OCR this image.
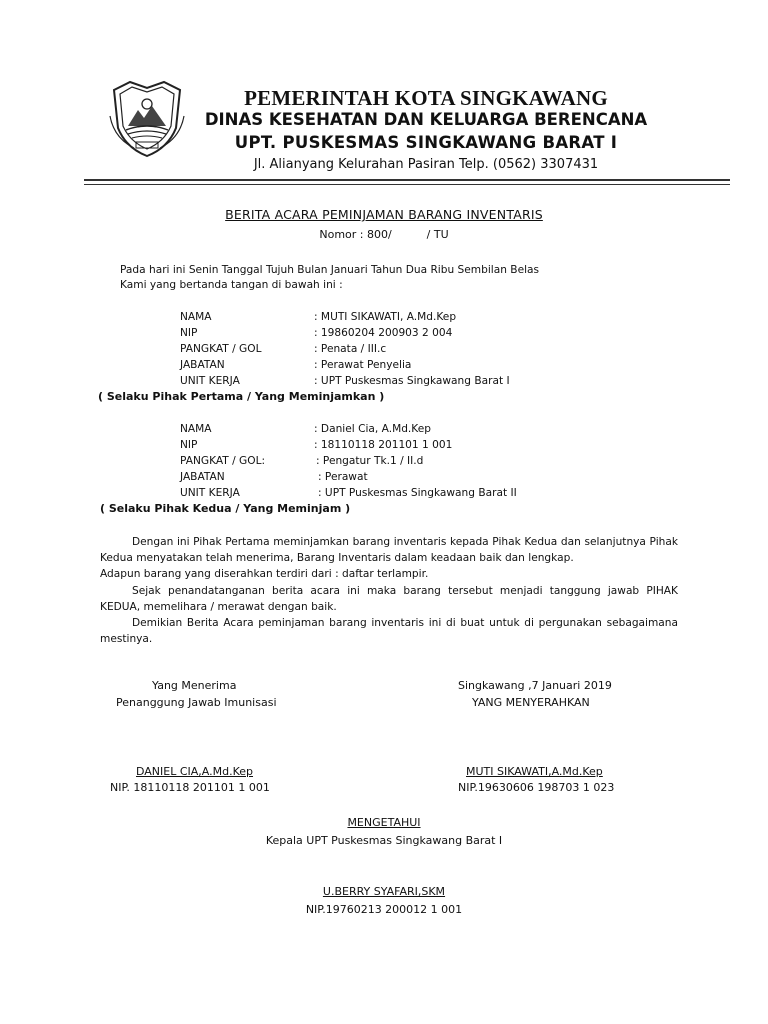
PEMERINTAH KOTA SINGKAWANG
DINAS KESEHATAN DAN KELUARGA BERENCANA
UPT. PUSKESMAS SINGKAWANG BARAT I
Jl. Alianyang Kelurahan Pasiran Telp. (0562) 3307431
BERITA ACARA PEMINJAMAN BARANG INVENTARIS
Nomor : 800/          / TU
Pada hari ini Senin Tanggal Tujuh Bulan Januari Tahun Dua Ribu Sembilan Belas
Kami yang bertanda tangan di bawah ini :
NAMA	: MUTI SIKAWATI, A.Md.Kep
NIP	: 19860204 200903 2 004
PANGKAT / GOL	: Penata / III.c
JABATAN	: Perawat Penyelia
UNIT KERJA	: UPT Puskesmas Singkawang Barat I
( Selaku Pihak Pertama / Yang Meminjamkan )
NAMA	: Daniel Cia, A.Md.Kep
NIP	: 18110118 201101 1 001
PANGKAT / GOL:	: Pengatur Tk.1 / II.d
JABATAN	: Perawat
UNIT KERJA	: UPT Puskesmas Singkawang Barat II
( Selaku Pihak Kedua / Yang Meminjam )

Dengan ini Pihak Pertama meminjamkan barang inventaris kepada Pihak Kedua dan selanjutnya Pihak Kedua menyatakan telah menerima, Barang Inventaris dalam keadaan baik dan lengkap.

Adapun barang yang diserahkan terdiri dari : daftar terlampir.

Sejak penandatanganan berita acara ini maka barang tersebut menjadi tanggung jawab PIHAK KEDUA, memelihara / merawat dengan baik.

Demikian Berita Acara peminjaman barang inventaris ini di buat untuk di pergunakan sebagaimana mestinya.

Yang Menerima
Penanggung Jawab Imunisasi
Singkawang ,7 Januari 2019
YANG MENYERAHKAN
DANIEL CIA,A.Md.Kep
NIP. 18110118 201101 1 001
MUTI SIKAWATI,A.Md.Kep
NIP.19630606 198703 1 023
MENGETAHUI
Kepala UPT Puskesmas Singkawang Barat I
U.BERRY SYAFARI,SKM
NIP.19760213 200012 1 001
